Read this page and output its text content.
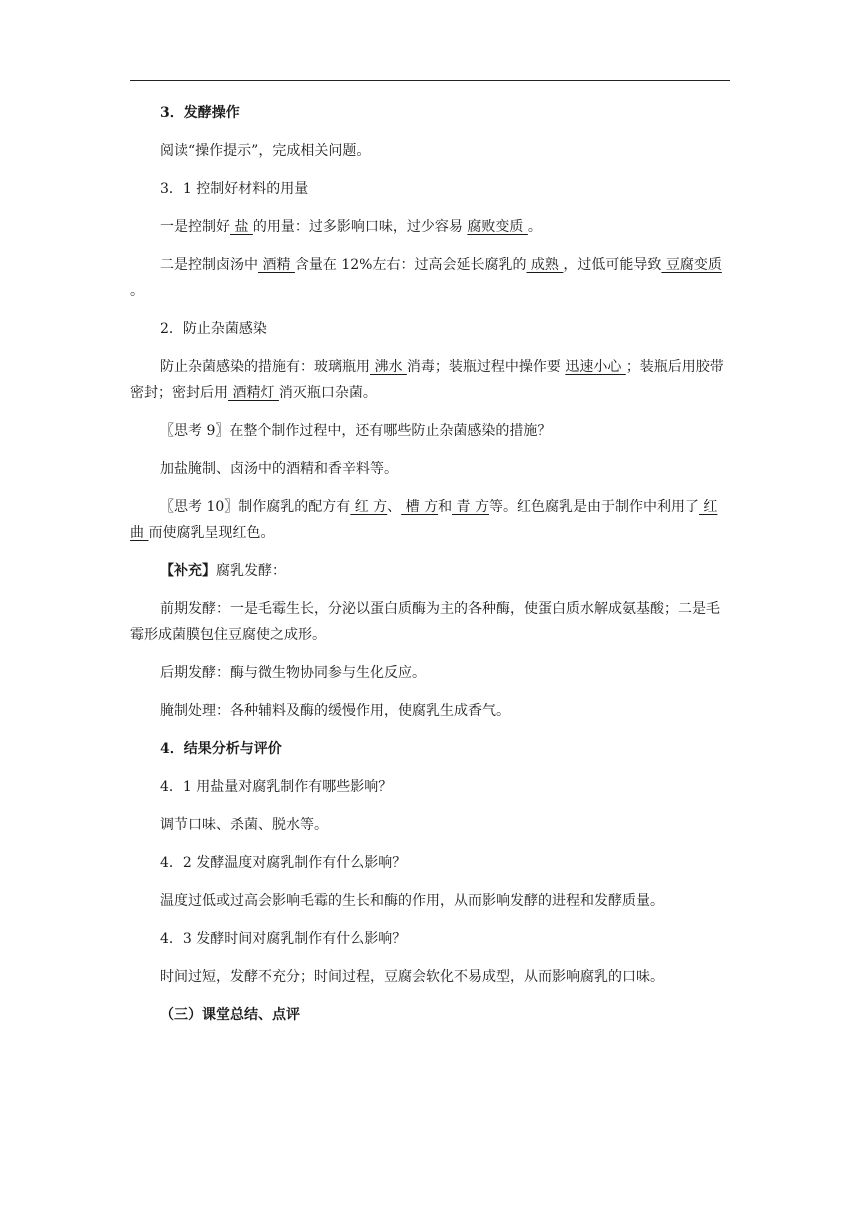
3．发酵操作

阅读“操作提示”，完成相关问题。

3．1 控制好材料的用量

一是控制好 盐 的用量：过多影响口味，过少容易 腐败变质 。

二是控制卤汤中 酒精 含量在 12%左右：过高会延长腐乳的 成熟 ，过低可能导致 豆腐变质 。

2．防止杂菌感染

防止杂菌感染的措施有：玻璃瓶用 沸水 消毒；装瓶过程中操作要 迅速小心 ；装瓶后用胶带密封；密封后用 酒精灯 消灭瓶口杂菌。

〖思考 9〗在整个制作过程中，还有哪些防止杂菌感染的措施？

加盐腌制、卤汤中的酒精和香辛料等。

〖思考 10〗制作腐乳的配方有 红 方、 槽 方和 青 方等。红色腐乳是由于制作中利用了 红曲 而使腐乳呈现红色。

【补充】腐乳发酵：

前期发酵：一是毛霉生长，分泌以蛋白质酶为主的各种酶，使蛋白质水解成氨基酸；二是毛霉形成菌膜包住豆腐使之成形。

后期发酵：酶与微生物协同参与生化反应。

腌制处理：各种辅料及酶的缓慢作用，使腐乳生成香气。

4．结果分析与评价

4．1 用盐量对腐乳制作有哪些影响？

调节口味、杀菌、脱水等。

4．2 发酵温度对腐乳制作有什么影响？

温度过低或过高会影响毛霉的生长和酶的作用，从而影响发酵的进程和发酵质量。

4．3 发酵时间对腐乳制作有什么影响？

时间过短，发酵不充分；时间过程，豆腐会软化不易成型，从而影响腐乳的口味。

（三）课堂总结、点评
